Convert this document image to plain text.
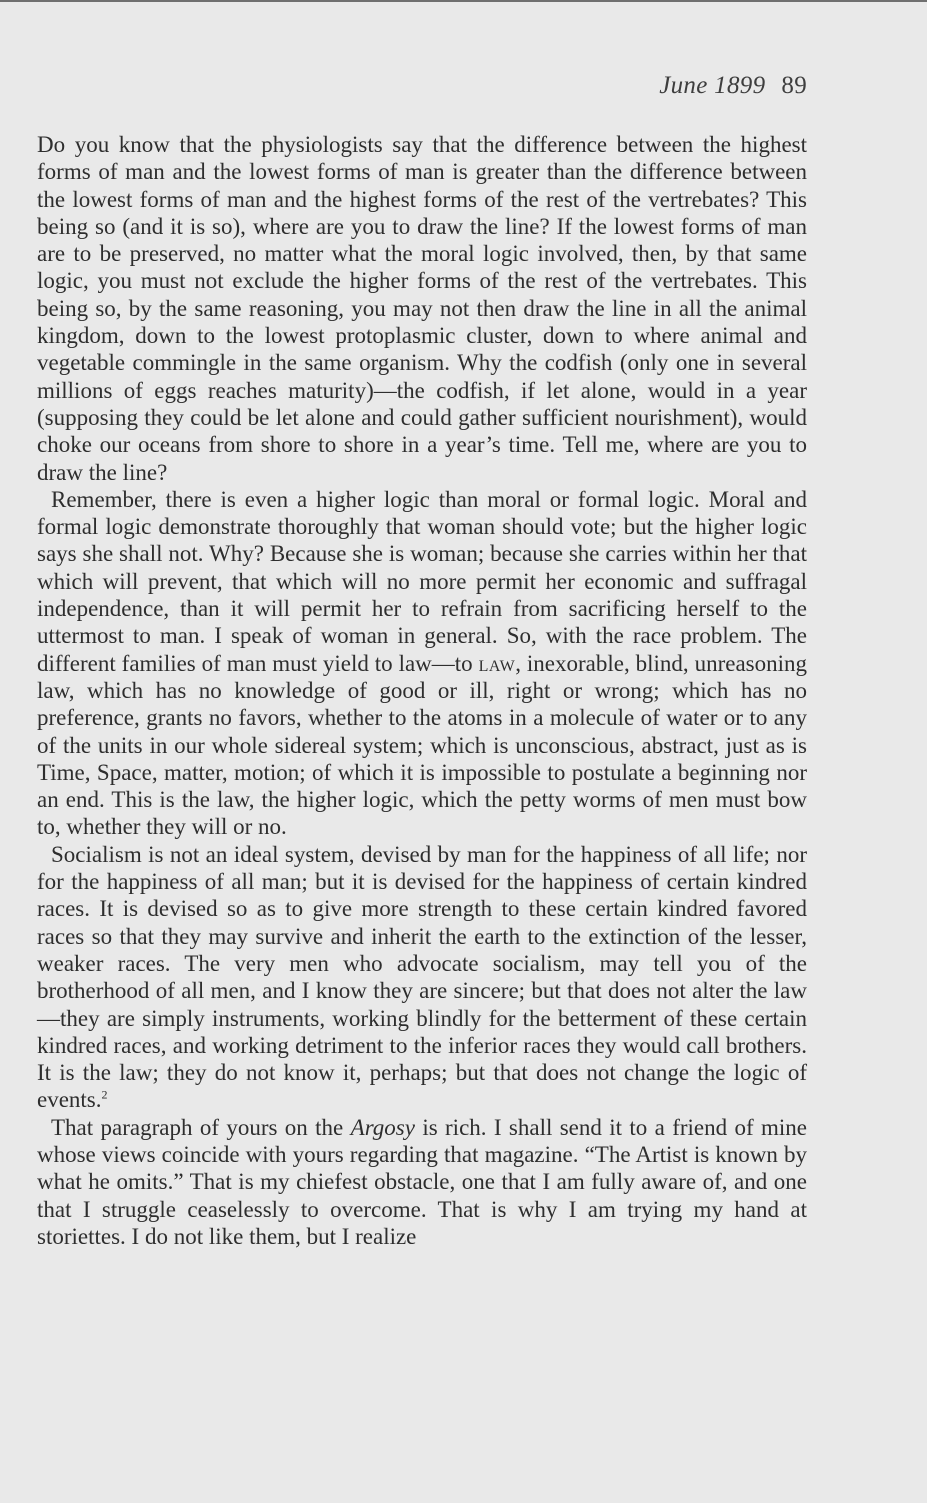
June 1899 89

Do you know that the physiologists say that the difference between the highest forms of man and the lowest forms of man is greater than the difference between the lowest forms of man and the highest forms of the rest of the vertrebates? This being so (and it is so), where are you to draw the line? If the lowest forms of man are to be preserved, no matter what the moral logic involved, then, by that same logic, you must not exclude the higher forms of the rest of the vertrebates. This being so, by the same reasoning, you may not then draw the line in all the animal kingdom, down to the lowest protoplasmic cluster, down to where animal and vegetable commingle in the same organism. Why the codfish (only one in several millions of eggs reaches maturity)—the codfish, if let alone, would in a year (supposing they could be let alone and could gather sufficient nourishment), would choke our oceans from shore to shore in a year’s time. Tell me, where are you to draw the line?

Remember, there is even a higher logic than moral or formal logic. Moral and formal logic demonstrate thoroughly that woman should vote; but the higher logic says she shall not. Why? Because she is woman; because she carries within her that which will prevent, that which will no more permit her economic and suffragal independence, than it will permit her to refrain from sacrificing herself to the uttermost to man. I speak of woman in general. So, with the race problem. The different families of man must yield to law—to law, inexorable, blind, unreasoning law, which has no knowledge of good or ill, right or wrong; which has no preference, grants no favors, whether to the atoms in a molecule of water or to any of the units in our whole sidereal system; which is unconscious, abstract, just as is Time, Space, matter, motion; of which it is impossible to postulate a beginning nor an end. This is the law, the higher logic, which the petty worms of men must bow to, whether they will or no.

Socialism is not an ideal system, devised by man for the happiness of all life; nor for the happiness of all man; but it is devised for the happiness of certain kindred races. It is devised so as to give more strength to these certain kindred favored races so that they may survive and inherit the earth to the extinction of the lesser, weaker races. The very men who advocate socialism, may tell you of the brotherhood of all men, and I know they are sincere; but that does not alter the law—they are simply instruments, working blindly for the betterment of these certain kindred races, and working detriment to the inferior races they would call brothers. It is the law; they do not know it, perhaps; but that does not change the logic of events.$^2$

That paragraph of yours on the Argosy is rich. I shall send it to a friend of mine whose views coincide with yours regarding that magazine. “The Artist is known by what he omits.” That is my chiefest obstacle, one that I am fully aware of, and one that I struggle ceaselessly to overcome. That is why I am trying my hand at storiettes. I do not like them, but I realize
